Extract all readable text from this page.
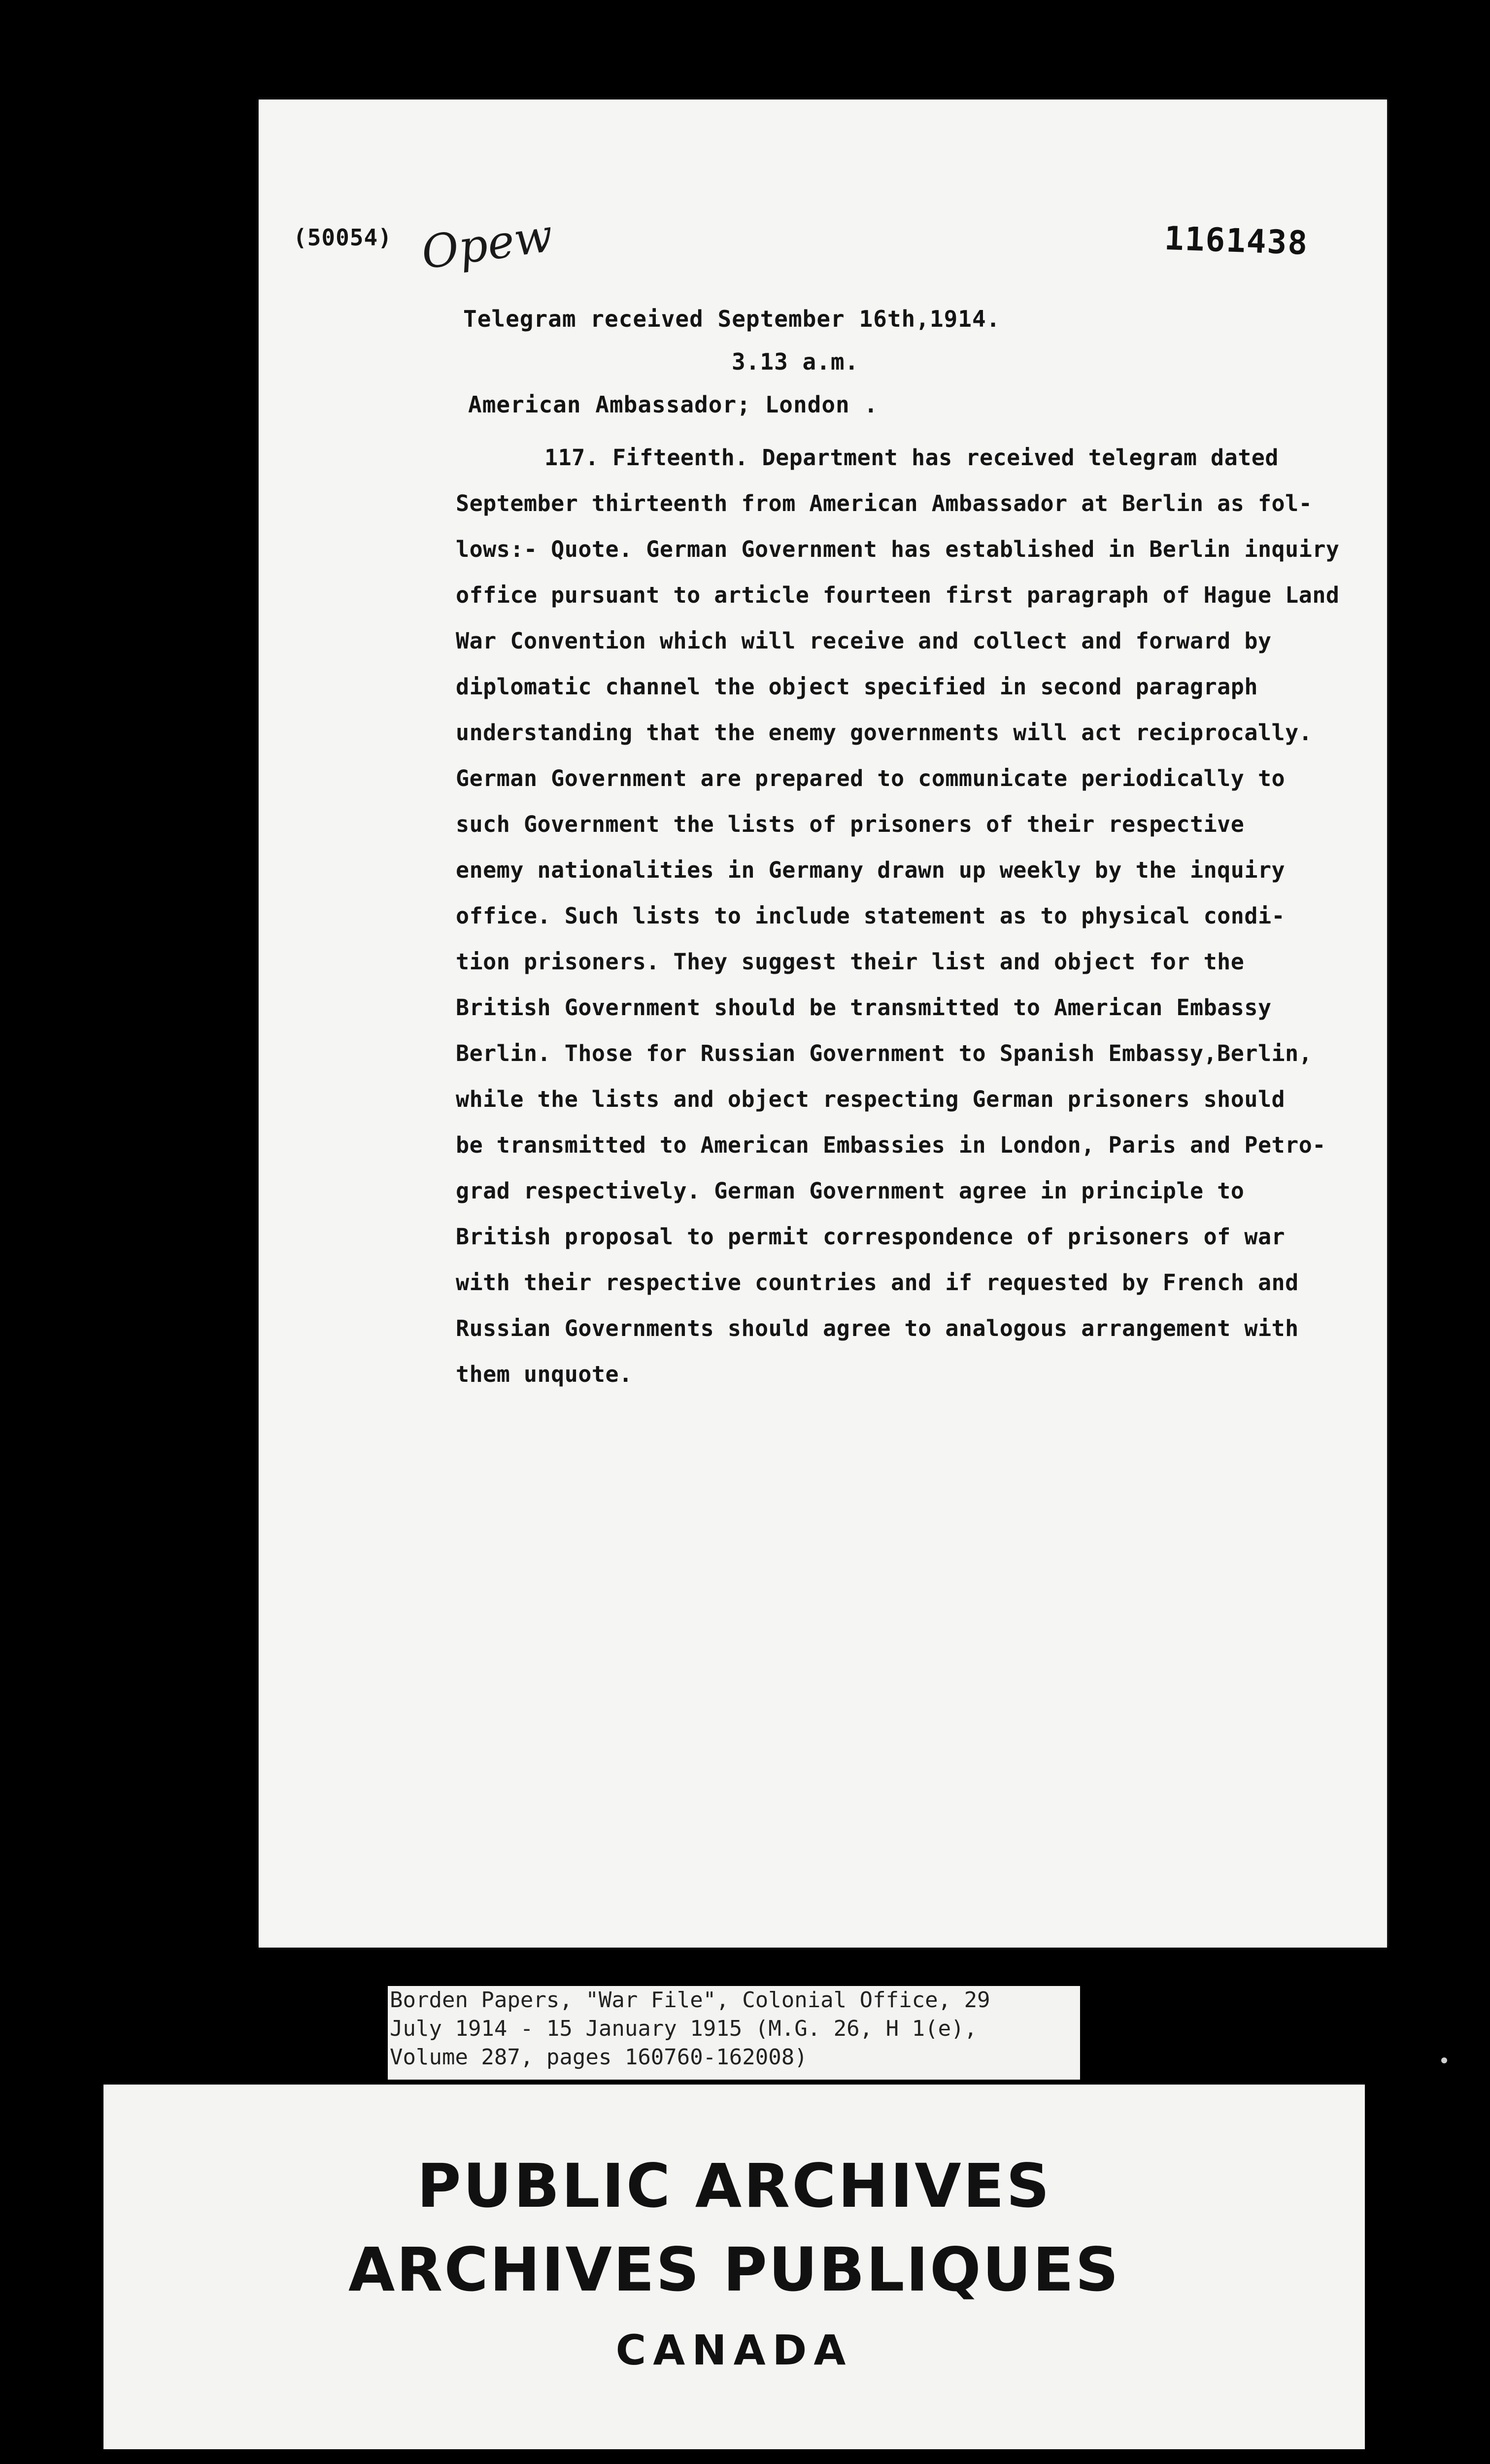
(50054) Opew	1161438
Telegram received September 16th,1914.
3.13 a.m.
American Ambassador; London .
117. Fifteenth. Department has received telegram dated
September thirteenth from American Ambassador at Berlin as fol-
lows:- Quote. German Government has established in Berlin inquiry
office pursuant to article fourteen first paragraph of Hague Land
War Convention which will receive and collect and forward by
diplomatic channel the object specified in second paragraph
understanding that the enemy governments will act reciprocally.
German Government are prepared to communicate periodically to
such Government the lists of prisoners of their respective
enemy nationalities in Germany drawn up weekly by the inquiry
office. Such lists to include statement as to physical condi-
tion prisoners. They suggest their list and object for the
British Government should be transmitted to American Embassy
Berlin. Those for Russian Government to Spanish Embassy,Berlin,
while the lists and object respecting German prisoners should
be transmitted to American Embassies in London, Paris and Petro-
grad respectively. German Government agree in principle to
British proposal to permit correspondence of prisoners of war
with their respective countries and if requested by French and
Russian Governments should agree to analogous arrangement with
them unquote.
Borden Papers, "War File", Colonial Office, 29
July 1914 - 15 January 1915 (M.G. 26, H 1(e),
Volume 287, pages 160760-162008)
PUBLIC ARCHIVES
ARCHIVES PUBLIQUES
CANADA
